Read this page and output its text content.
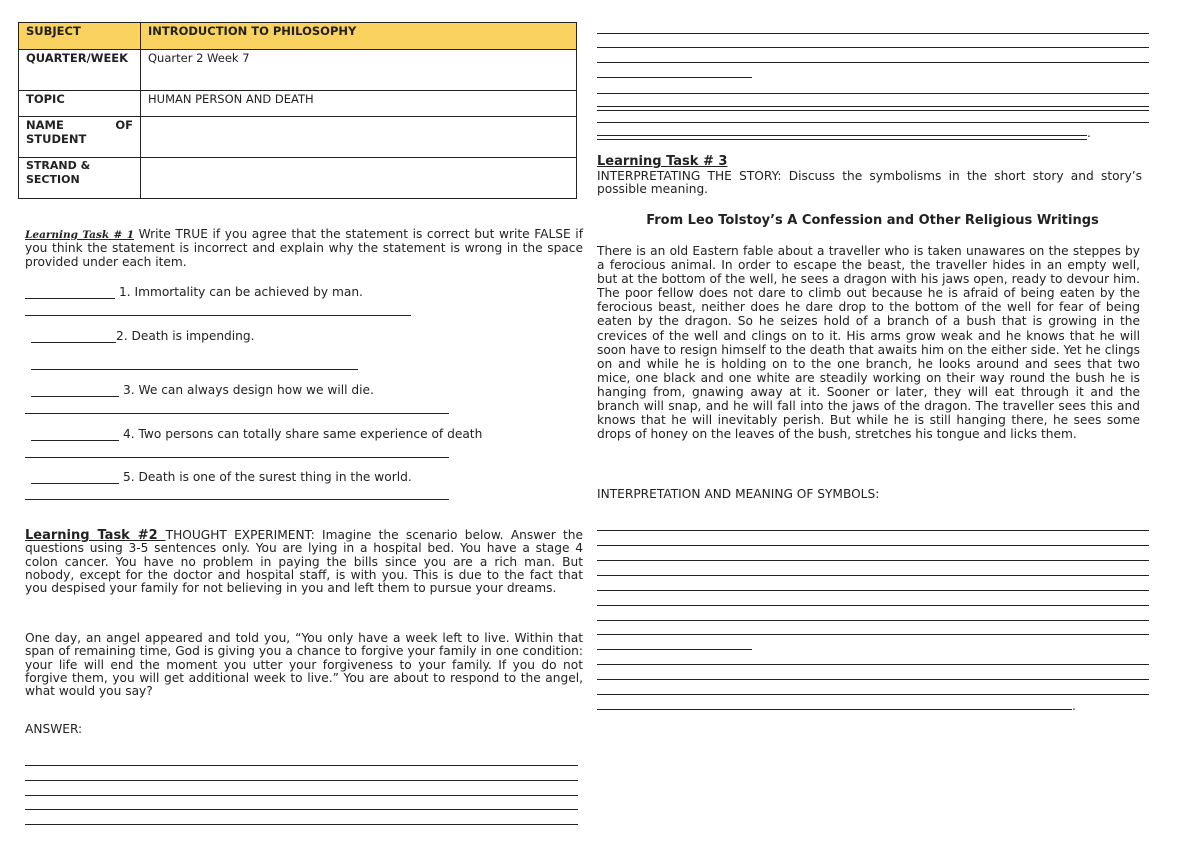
SUBJECT	INTRODUCTION TO PHILOSOPHY
QUARTER/WEEK	Quarter 2 Week 7
TOPIC	HUMAN PERSON AND DEATH

NAME OF
STUDENT	

STRAND & SECTION	
Learning Task # 1 Write TRUE if you agree that the statement is correct but write FALSE if you think the statement is incorrect and explain why the statement is wrong in the space provided under each item.
1. Immortality can be achieved by man.
2. Death is impending.
3. We can always design how we will die.
4. Two persons can totally share same experience of death
5. Death is one of the surest thing in the world.
Learning Task #2 THOUGHT EXPERIMENT: Imagine the scenario below. Answer the questions using 3-5 sentences only. You are lying in a hospital bed. You have a stage 4 colon cancer. You have no problem in paying the bills since you are a rich man. But nobody, except for the doctor and hospital staff, is with you. This is due to the fact that you despised your family for not believing in you and left them to pursue your dreams.
One day, an angel appeared and told you, “You only have a week left to live. Within that span of remaining time, God is giving you a chance to forgive your family in one condition: your life will end the moment you utter your forgiveness to your family. If you do not forgive them, you will get additional week to live.” You are about to respond to the angel, what would you say?
ANSWER:
.
Learning Task # 3
INTERPRETATING THE STORY: Discuss the symbolisms in the short story and story’s possible meaning.
From Leo Tolstoy’s A Confession and Other Religious Writings
There is an old Eastern fable about a traveller who is taken unawares on the steppes by a ferocious animal. In order to escape the beast, the traveller hides in an empty well, but at the bottom of the well, he sees a dragon with his jaws open, ready to devour him. The poor fellow does not dare to climb out because he is afraid of being eaten by the ferocious beast, neither does he dare drop to the bottom of the well for fear of being eaten by the dragon. So he seizes hold of a branch of a bush that is growing in the crevices of the well and clings on to it. His arms grow weak and he knows that he will soon have to resign himself to the death that awaits him on the either side. Yet he clings on and while he is holding on to the one branch, he looks around and sees that two mice, one black and one white are steadily working on their way round the bush he is hanging from, gnawing away at it. Sooner or later, they will eat through it and the branch will snap, and he will fall into the jaws of the dragon. The traveller sees this and knows that he will inevitably perish. But while he is still hanging there, he sees some drops of honey on the leaves of the bush, stretches his tongue and licks them.
INTERPRETATION AND MEANING OF SYMBOLS:
.
